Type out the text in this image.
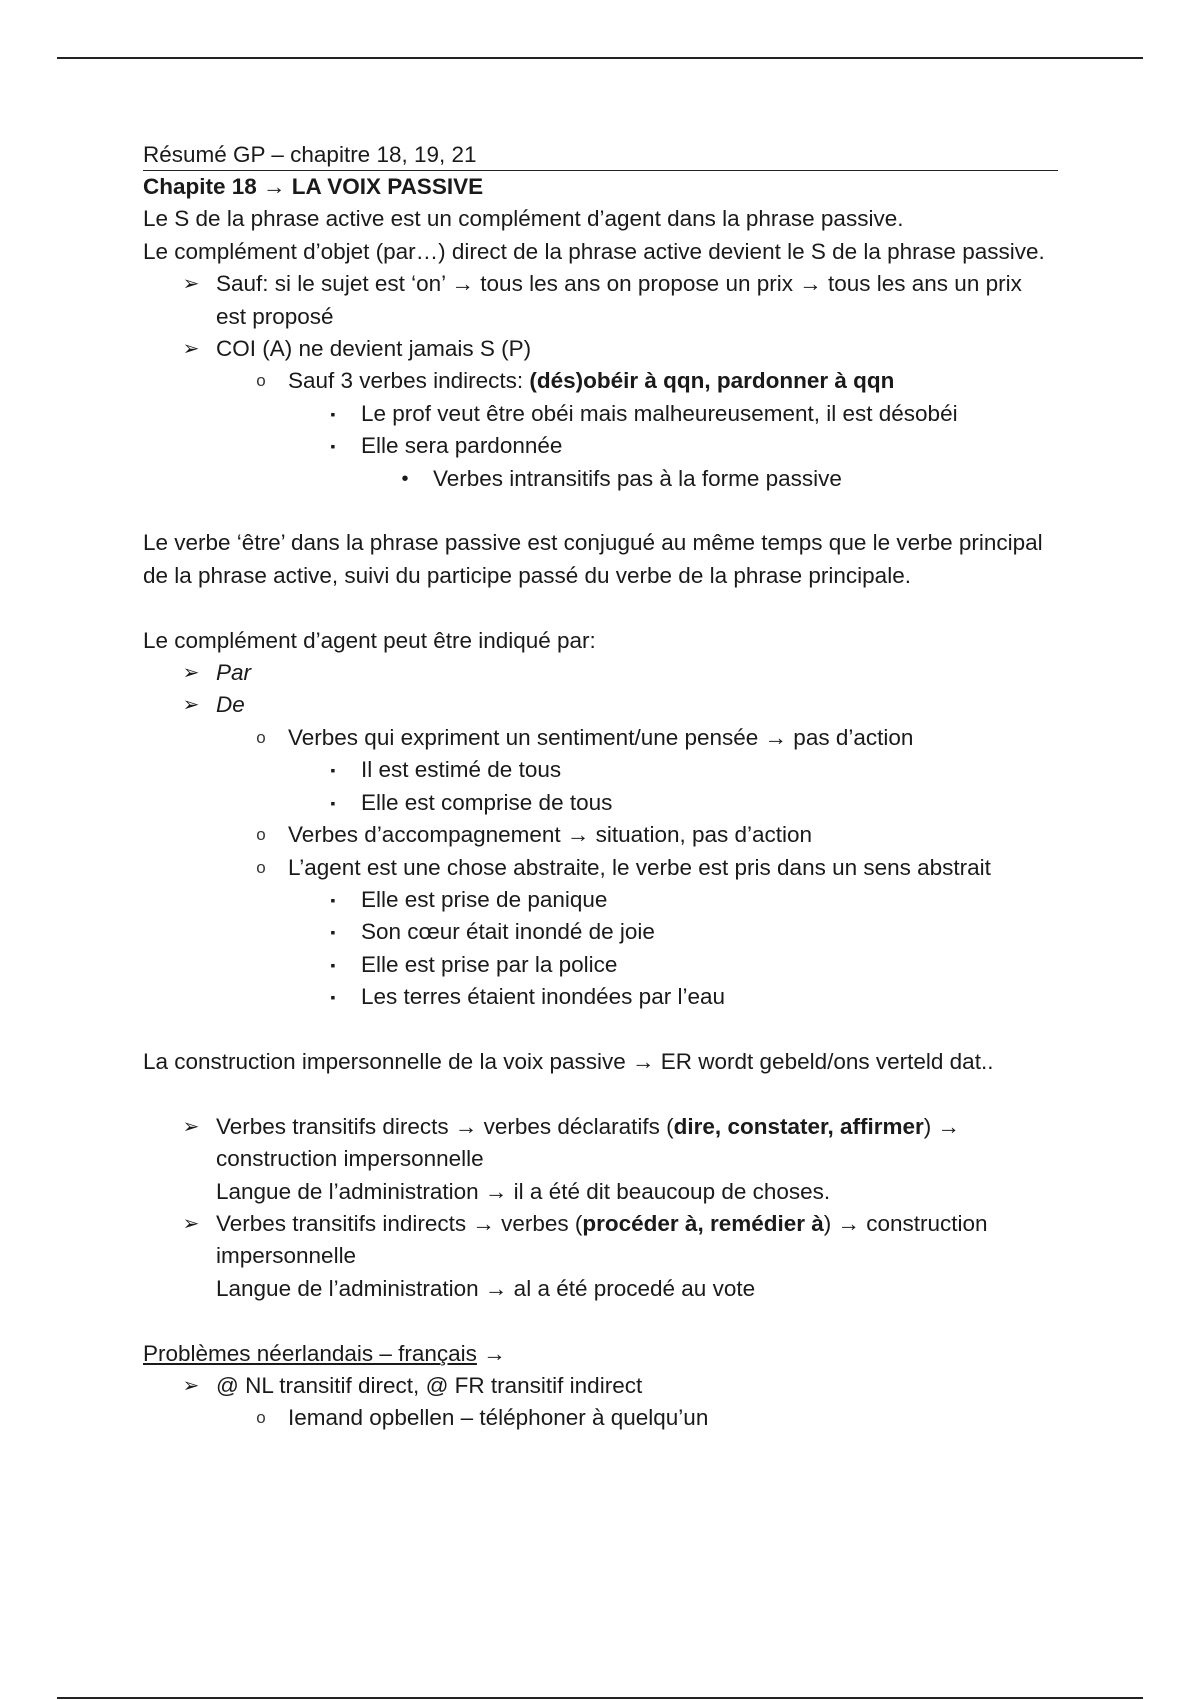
Résumé GP – chapitre 18, 19, 21

Chapite 18 → LA VOIX PASSIVE

Le S de la phrase active est un complément d’agent dans la phrase passive.

Le complément d’objet (par…) direct de la phrase active devient le S de la phrase passive.

➢ Sauf: si le sujet est ‘on’ → tous les ans on propose un prix → tous les ans un prix est proposé
➢ COI (A) ne devient jamais S (P)
o Sauf 3 verbes indirects: (dés)obéir à qqn, pardonner à qqn
▪	Le prof veut être obéi mais malheureusement, il est désobéi
▪	Elle sera pardonnée
• Verbes intransitifs pas à la forme passive

Le verbe ‘être’ dans la phrase passive est conjugué au même temps que le verbe principal de la phrase active, suivi du participe passé du verbe de la phrase principale.

Le complément d’agent peut être indiqué par:

➢ Par
➢ De
o Verbes qui expriment un sentiment/une pensée → pas d’action
▪	Il est estimé de tous
▪	Elle est comprise de tous
o Verbes d’accompagnement → situation, pas d’action
o L’agent est une chose abstraite, le verbe est pris dans un sens abstrait
▪	Elle est prise de panique
▪	Son cœur était inondé de joie
▪	Elle est prise par la police
▪	Les terres étaient inondées par l’eau

La construction impersonnelle de la voix passive → ER wordt gebeld/ons verteld dat..

➢ Verbes transitifs directs → verbes déclaratifs (dire, constater, affirmer) → construction impersonnelle

Langue de l’administration → il a été dit beaucoup de choses.

➢ Verbes transitifs indirects → verbes (procéder à, remédier à) → construction impersonnelle

Langue de l’administration → al a été procedé au vote

Problèmes néerlandais – français →

➢ @ NL transitif direct, @ FR transitif indirect
o Iemand opbellen – téléphoner à quelqu’un
